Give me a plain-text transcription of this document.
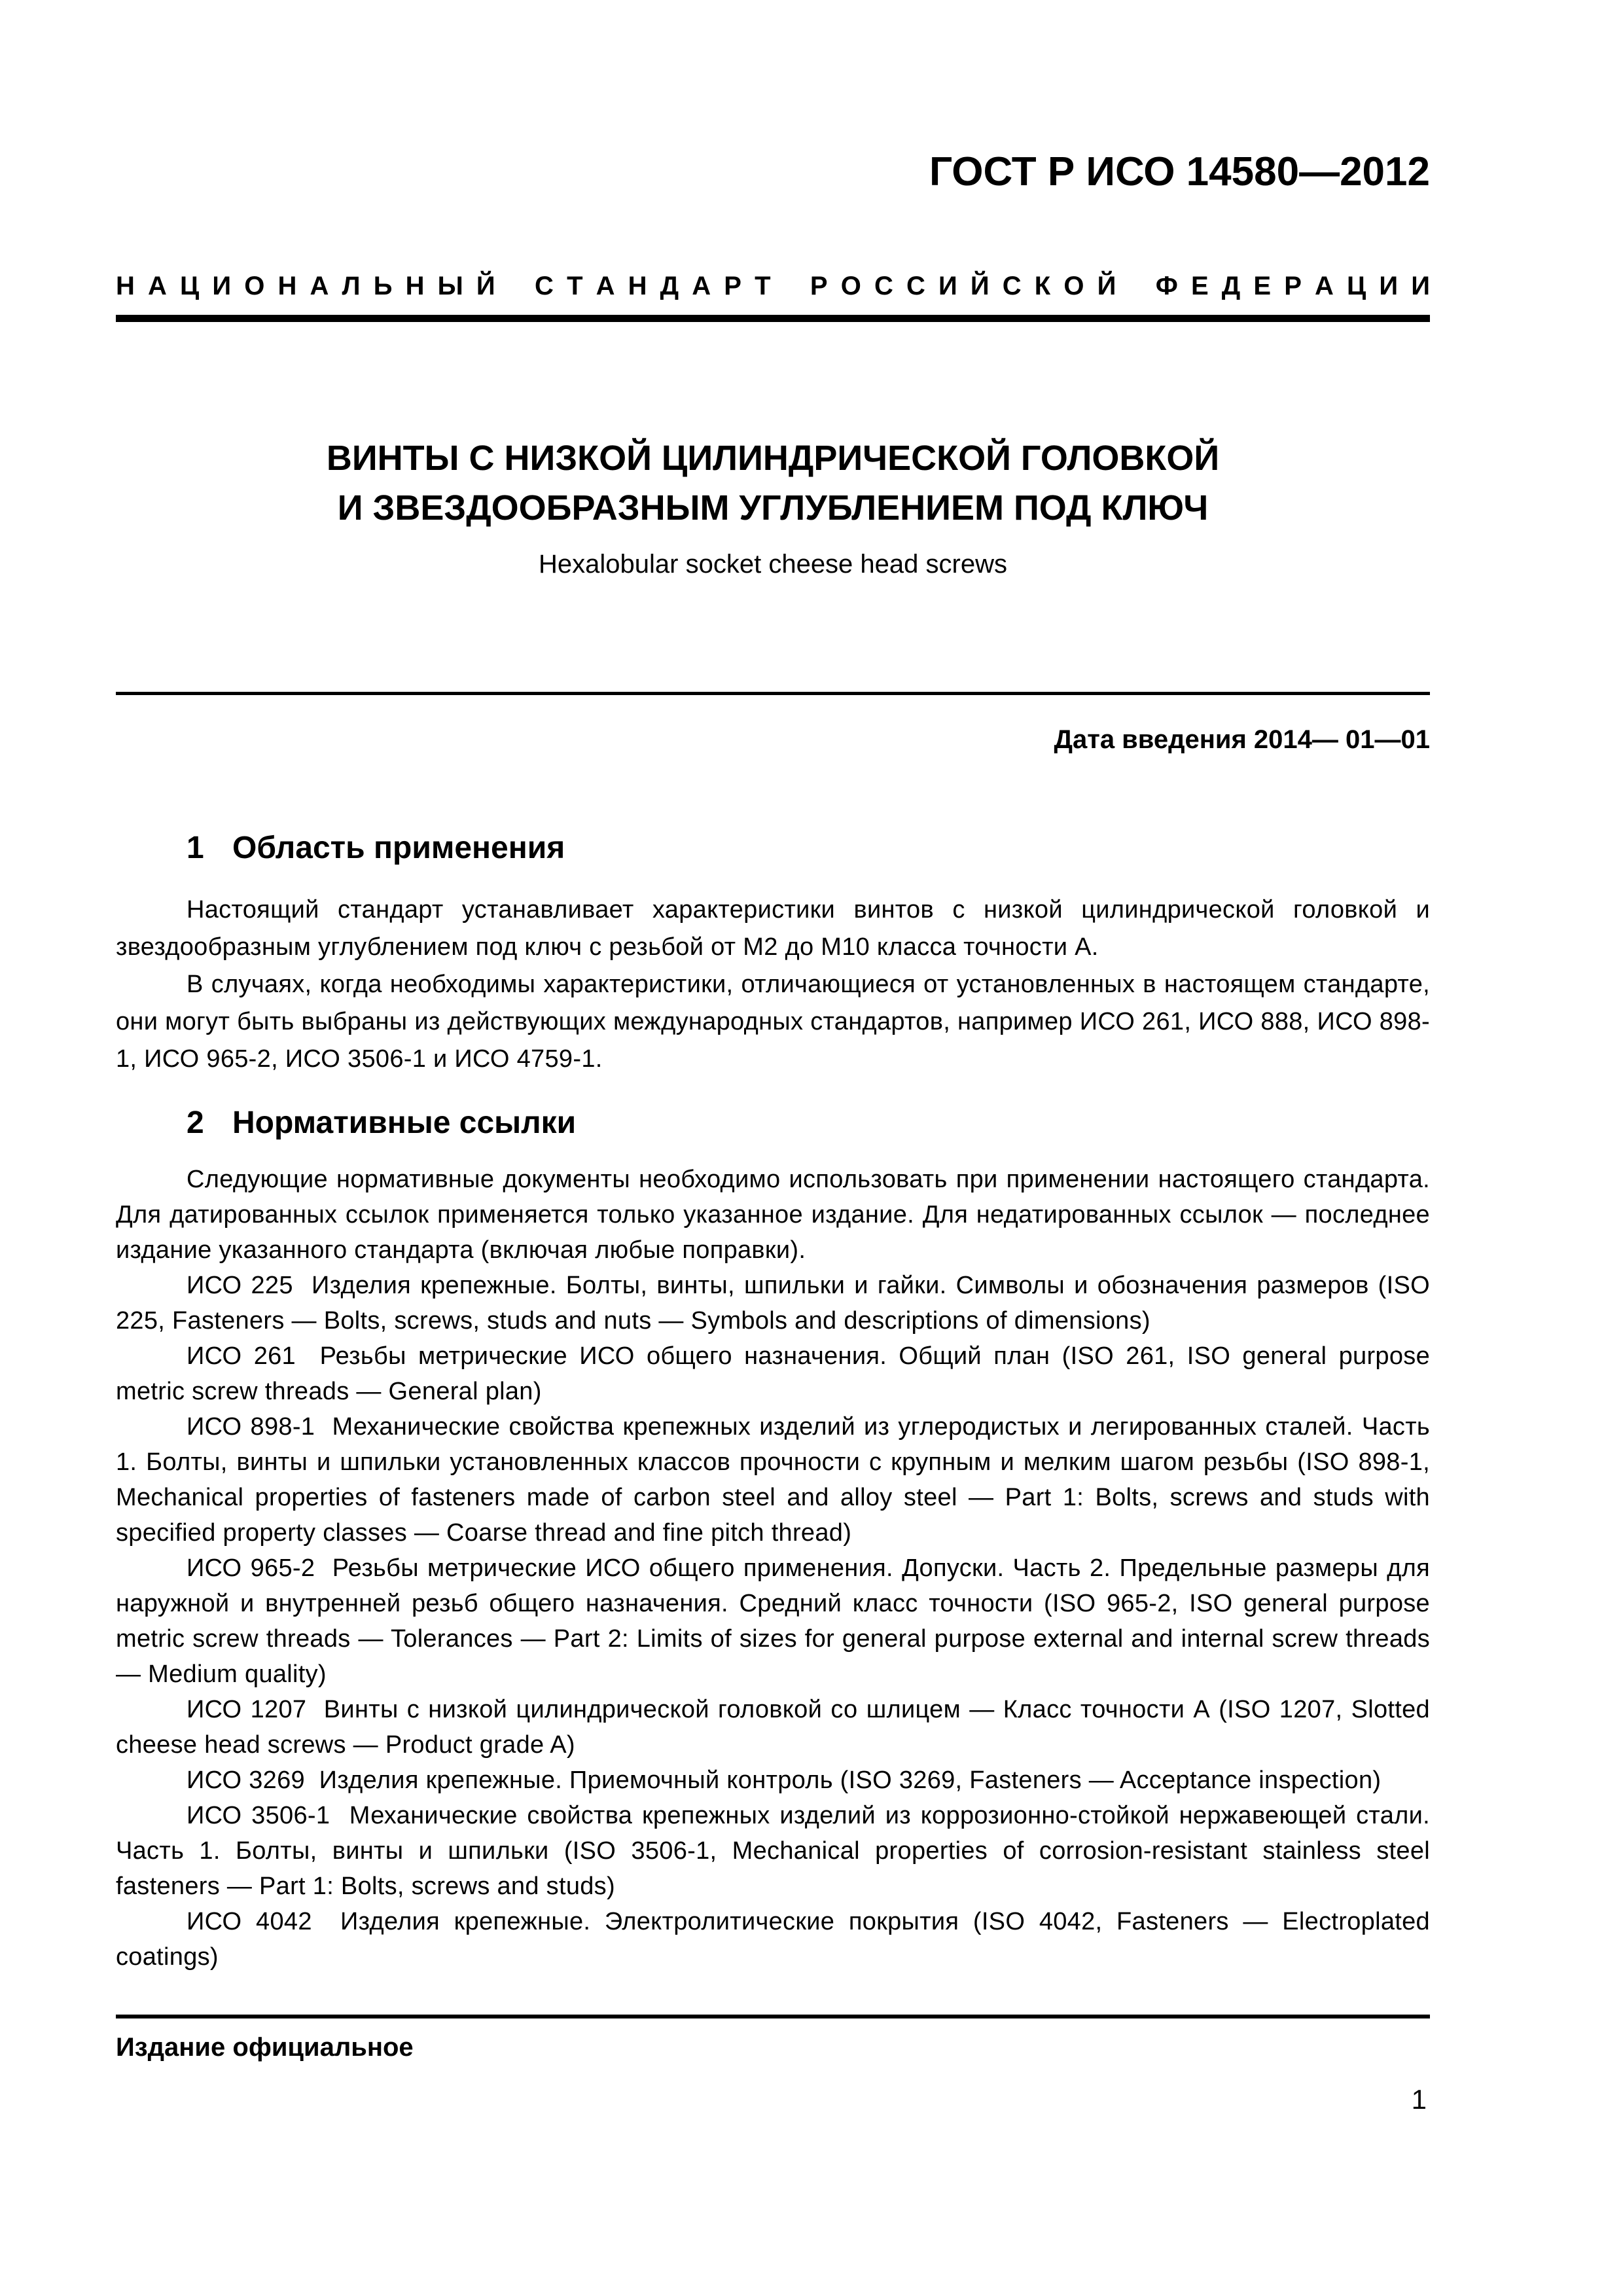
ГОСТ Р ИСО 14580—2012
Н А Ц И О Н А Л Ь Н Ы Й С Т А Н Д А Р Т Р О С С И Й С К О Й Ф Е Д Е Р А Ц И И
ВИНТЫ С НИЗКОЙ ЦИЛИНДРИЧЕСКОЙ ГОЛОВКОЙ
И ЗВЕЗДООБРАЗНЫМ УГЛУБЛЕНИЕМ ПОД КЛЮЧ
Hexalobular socket cheese head screws
Дата введения 2014— 01—01
1 Область применения

Настоящий стандарт устанавливает характеристики винтов с низкой цилиндрической головкой и звездообразным углублением под ключ с резьбой от М2 до М10 класса точности А.

В случаях, когда необходимы характеристики, отличающиеся от установленных в настоящем стандарте, они могут быть выбраны из действующих международных стандартов, например ИСО 261, ИСО 888, ИСО 898-1, ИСО 965-2, ИСО 3506-1 и ИСО 4759-1.

2 Нормативные ссылки

Следующие нормативные документы необходимо использовать при применении настоящего стандарта. Для датированных ссылок применяется только указанное издание. Для недатированных ссылок — последнее издание указанного стандарта (включая любые поправки).

ИСО 225  Изделия крепежные. Болты, винты, шпильки и гайки. Символы и обозначения размеров (ISO 225, Fasteners — Bolts, screws, studs and nuts — Symbols and descriptions of dimensions)

ИСО 261  Резьбы метрические ИСО общего назначения. Общий план (ISO 261, ISO general purpose metric screw threads — General plan)

ИСО 898-1  Механические свойства крепежных изделий из углеродистых и легированных сталей. Часть 1. Болты, винты и шпильки установленных классов прочности с крупным и мелким шагом резьбы (ISO 898-1, Mechanical properties of fasteners made of carbon steel and alloy steel — Part 1: Bolts, screws and studs with specified property classes — Coarse thread and fine pitch thread)

ИСО 965-2  Резьбы метрические ИСО общего применения. Допуски. Часть 2. Предельные размеры для наружной и внутренней резьб общего назначения. Средний класс точности (ISO 965-2, ISO general purpose metric screw threads — Tolerances — Part 2: Limits of sizes for general purpose external and internal screw threads — Medium quality)

ИСО 1207  Винты с низкой цилиндрической головкой со шлицем — Класс точности А (ISO 1207, Slotted cheese head screws — Product grade A)

ИСО 3269  Изделия крепежные. Приемочный контроль (ISO 3269, Fasteners — Acceptance inspection)

ИСО 3506-1  Механические свойства крепежных изделий из коррозионно-стойкой нержавеющей стали. Часть 1. Болты, винты и шпильки (ISO 3506-1, Mechanical properties of corrosion-resistant stainless steel fasteners — Part 1: Bolts, screws and studs)

ИСО 4042  Изделия крепежные. Электролитические покрытия (ISO 4042, Fasteners — Electroplated coatings)

Издание официальное
1
